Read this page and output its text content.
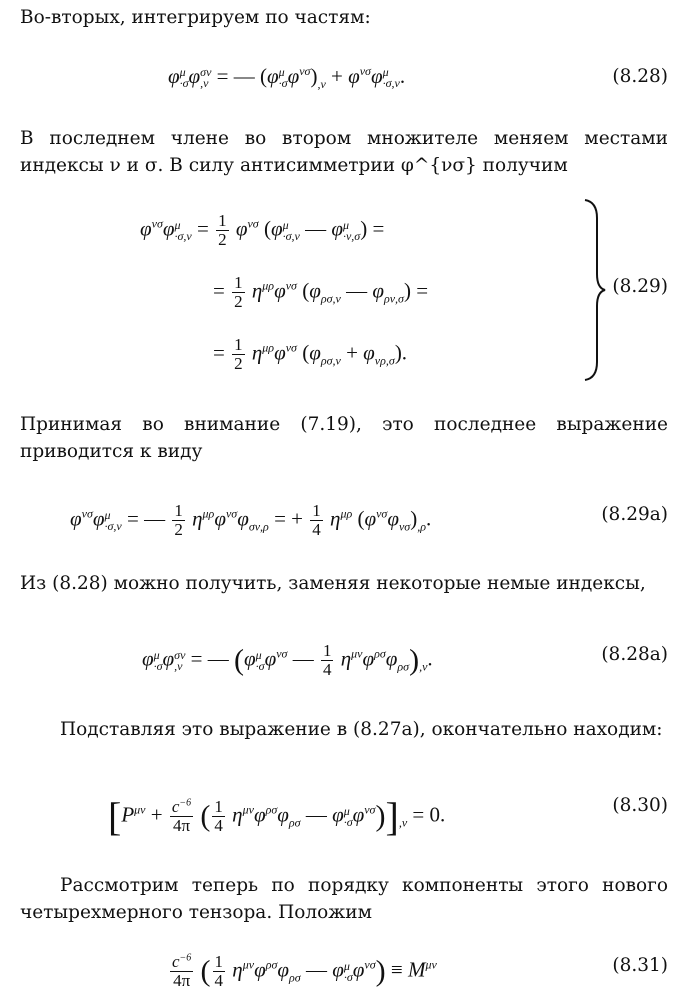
Во-вторых, интегрируем по частям:
φ μ
·σ φ σν
,ν = — (φ μ
·σ $\varphi^{\nu\sigma})_{,\nu} + \varphi^{\nu\sigma}\varphi$ μ
·σ,ν .	(8.28)
В последнем члене во втором множителе меняем местами индексы ν и σ. В силу антисимметрии φ^{νσ} получим
$\varphi^{\nu\sigma}\varphi$ μ
$\cdot\sigma,\nu = \frac{1}{2} \varphi^{\nu\sigma}$ (φ μ
·σ,ν — φ μ
·ν,σ ) =
= $\frac{1}{2} \eta^{\mu\rho}\varphi^{\nu\sigma}$ ($\varphi_{\rho\sigma,\nu}$ — $\varphi_{\rho\nu,\sigma}$) =	(8.29)
= $\frac{1}{2} \eta^{\mu\rho}\varphi^{\nu\sigma}$ $(\varphi_{\rho\sigma,\nu} + \varphi_{\nu\rho,\sigma})$.
Принимая во внимание (7.19), это последнее выражение приводится к виду
$\varphi^{\nu\sigma}\varphi$ μ
·σ,ν = — $\frac{1}{2} \eta^{\mu\rho}\varphi^{\nu\sigma}\varphi_{\sigma\nu,\rho}$ = + $\frac{1}{4} \eta^{\mu\rho}$ $(\varphi^{\nu\sigma}\varphi_{\nu\sigma})_{,\rho}$.	(8.29a)
Из (8.28) можно получить, заменяя некоторые немые индексы,
φ μ
·σ φ σν
,ν = — (φ μ
·σ $\varphi^{\nu\sigma}$ — $\frac{1}{4} \eta^{\mu\nu}\varphi^{\rho\sigma}\varphi_{\rho\sigma})_{,\nu}$.	(8.28a)
Подставляя это выражение в (8.27a), окончательно находим:
[$P^{\mu\nu} + \frac{c^{-6}}{4\pi}$ ( $\frac{1}{4} \eta^{\mu\nu}\varphi^{\rho\sigma}\varphi_{\rho\sigma}$ — φ μ
·σ $\varphi^{\nu\sigma})]_{,\nu} = 0$.	(8.30)
Рассмотрим теперь по порядку компоненты этого нового четырехмерного тензора. Положим
$\frac{c^{-6}}{4\pi}$ ( $\frac{1}{4} \eta^{\mu\nu}\varphi^{\rho\sigma}\varphi_{\rho\sigma}$ — φ μ
·σ $\varphi^{\nu\sigma}) \equiv M^{\mu\nu}$	(8.31)
